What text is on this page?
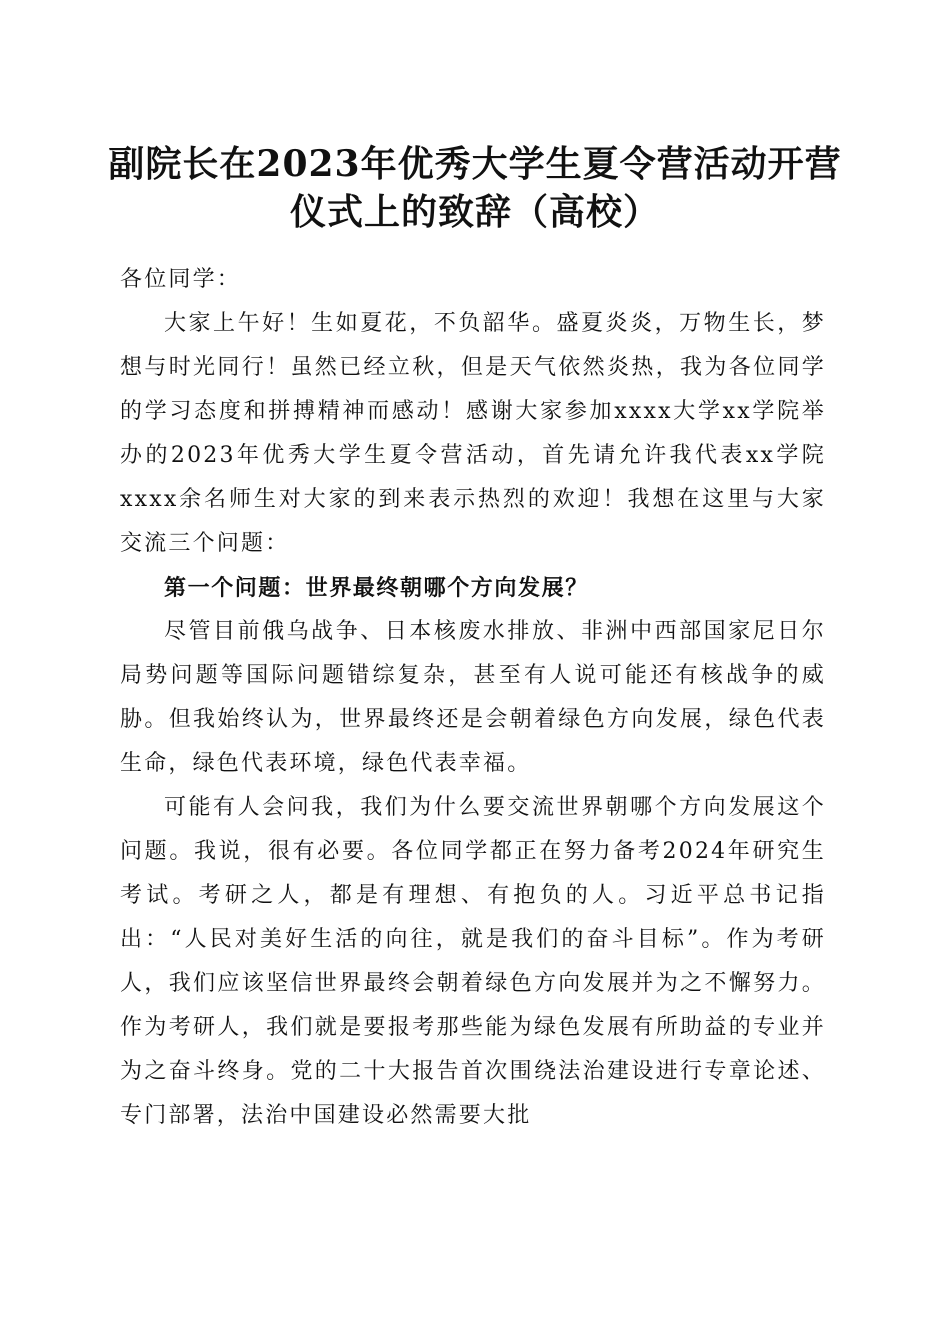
副院长在2023年优秀大学生夏令营活动开营
仪式上的致辞（高校）

各位同学：

大家上午好！生如夏花，不负韶华。盛夏炎炎，万物生长，梦想与时光同行！虽然已经立秋，但是天气依然炎热，我为各位同学的学习态度和拼搏精神而感动！感谢大家参加xxxx大学xx学院举办的2023年优秀大学生夏令营活动，首先请允许我代表xx学院xxxx余名师生对大家的到来表示热烈的欢迎！我想在这里与大家交流三个问题：

第一个问题：世界最终朝哪个方向发展？

尽管目前俄乌战争、日本核废水排放、非洲中西部国家尼日尔局势问题等国际问题错综复杂，甚至有人说可能还有核战争的威胁。但我始终认为，世界最终还是会朝着绿色方向发展，绿色代表生命，绿色代表环境，绿色代表幸福。

可能有人会问我，我们为什么要交流世界朝哪个方向发展这个问题。我说，很有必要。各位同学都正在努力备考2024年研究生考试。考研之人，都是有理想、有抱负的人。习近平总书记指出：“人民对美好生活的向往，就是我们的奋斗目标”。作为考研人，我们应该坚信世界最终会朝着绿色方向发展并为之不懈努力。作为考研人，我们就是要报考那些能为绿色发展有所助益的专业并为之奋斗终身。党的二十大报告首次围绕法治建设进行专章论述、专门部署，法治中国建设必然需要大批
